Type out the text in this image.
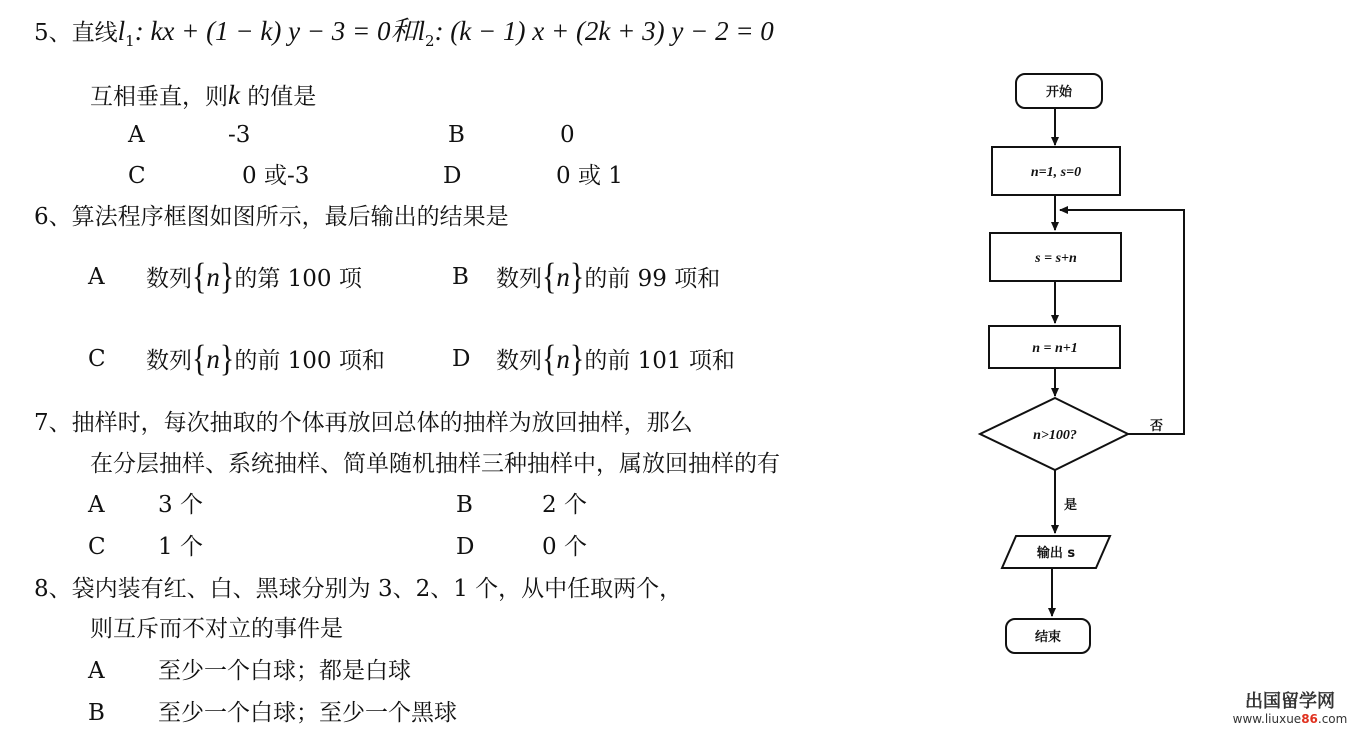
5、直线$l_1$: kx + (1 − k) y − 3 = 0和$l_2$: (k − 1) x + (2k + 3) y − 2 = 0
互相垂直，则k 的值是
A	-3	B	0
C	0 或-3	D	0 或 1
6、算法程序框图如图所示，最后输出的结果是
A 数列{n}的第 100 项	B 数列{n}的前 99 项和
C 数列{n}的前 100 项和	D 数列{n}的前 101 项和
7、抽样时，每次抽取的个体再放回总体的抽样为放回抽样，那么
在分层抽样、系统抽样、简单随机抽样三种抽样中，属放回抽样的有
A 3 个	B	2 个
C 1 个	D	0 个
8、袋内装有红、白、黑球分别为 3、2、1 个，从中任取两个，
则互斥而不对立的事件是
A 至少一个白球；都是白球
B 至少一个白球；至少一个黑球
开始
n=1, s=0
s = s+n
n = n+1
n>100?
否
是
输出 s
结束
出国留学网
www.liuxue86.com
